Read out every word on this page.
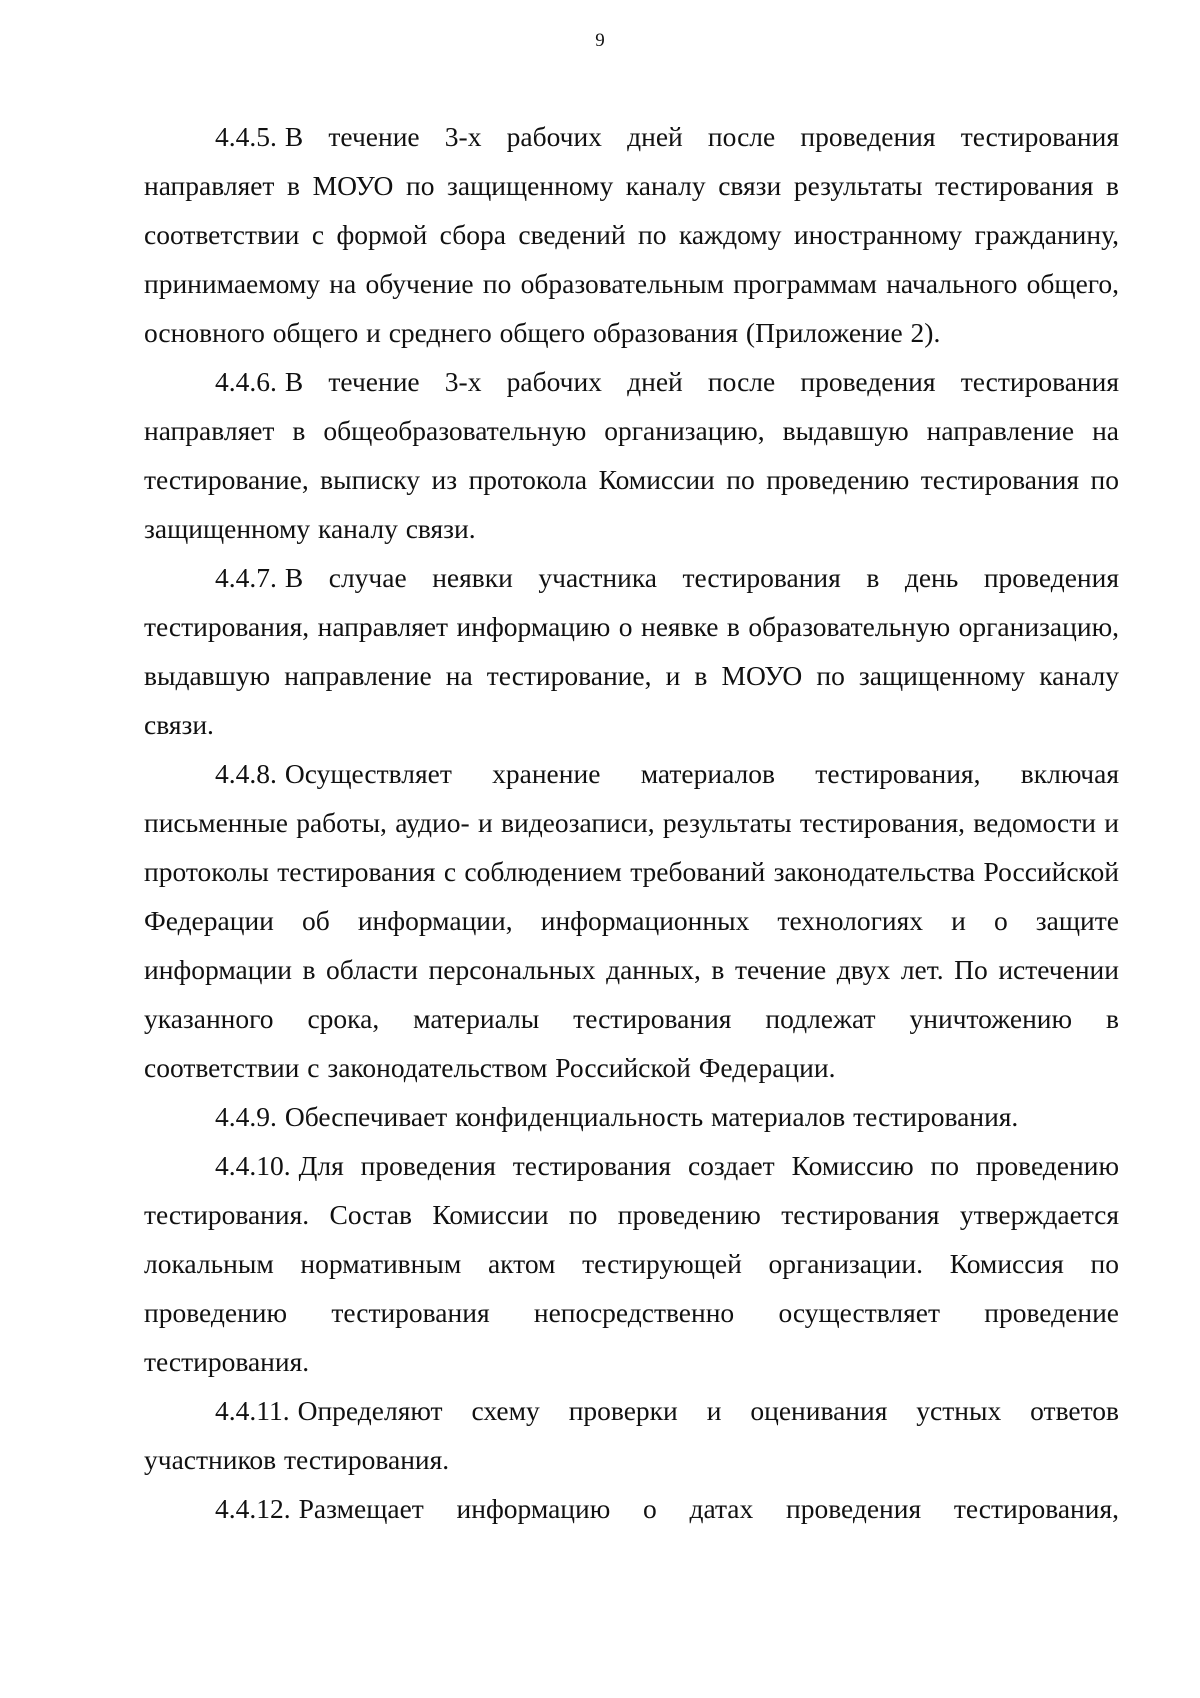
9

4.4.5. В течение 3-х рабочих дней после проведения тестирования направляет в МОУО по защищенному каналу связи результаты тестирования в соответствии с формой сбора сведений по каждому иностранному гражданину, принимаемому на обучение по образовательным программам начального общего, основного общего и среднего общего образования (Приложение 2).

4.4.6. В течение 3-х рабочих дней после проведения тестирования направляет в общеобразовательную организацию, выдавшую направление на тестирование, выписку из протокола Комиссии по проведению тестирования по защищенному каналу связи.

4.4.7. В случае неявки участника тестирования в день проведения тестирования, направляет информацию о неявке в образовательную организацию, выдавшую направление на тестирование, и в МОУО по защищенному каналу связи.

4.4.8. Осуществляет хранение материалов тестирования, включая письменные работы, аудио- и видеозаписи, результаты тестирования, ведомости и протоколы тестирования с соблюдением требований законодательства Российской Федерации об информации, информационных технологиях и о защите информации в области персональных данных, в течение двух лет. По истечении указанного срока, материалы тестирования подлежат уничтожению в соответствии с законодательством Российской Федерации.

4.4.9. Обеспечивает конфиденциальность материалов тестирования.

4.4.10. Для проведения тестирования создает Комиссию по проведению тестирования. Состав Комиссии по проведению тестирования утверждается локальным нормативным актом тестирующей организации. Комиссия по проведению тестирования непосредственно осуществляет проведение тестирования.

4.4.11. Определяют схему проверки и оценивания устных ответов участников тестирования.

4.4.12. Размещает информацию о датах проведения тестирования,
